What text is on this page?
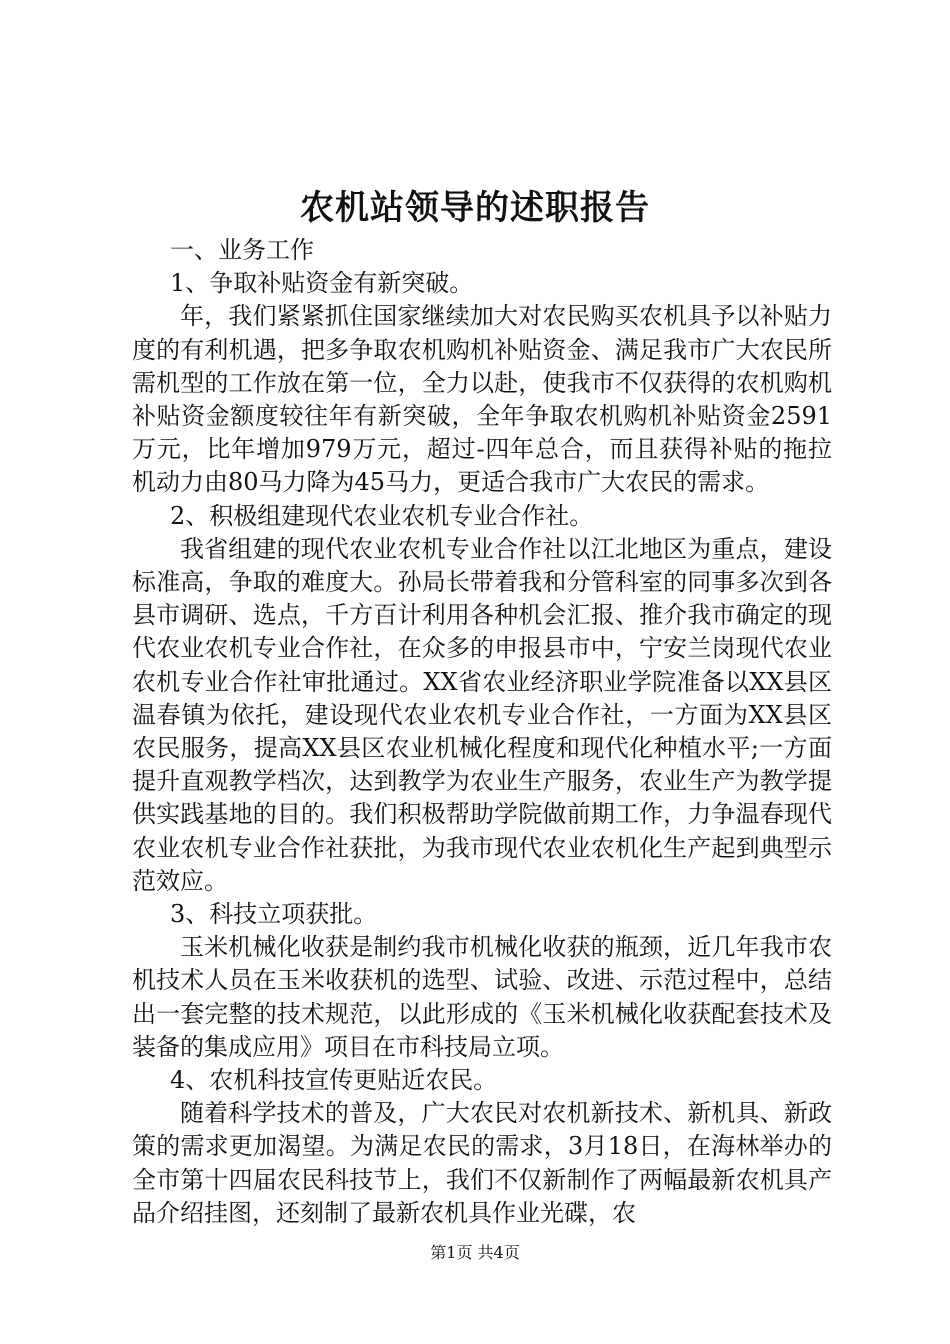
农机站领导的述职报告

一、业务工作

1、争取补贴资金有新突破。

年，我们紧紧抓住国家继续加大对农民购买农机具予以补贴力度的有利机遇，把多争取农机购机补贴资金、满足我市广大农民所需机型的工作放在第一位，全力以赴，使我市不仅获得的农机购机补贴资金额度较往年有新突破，全年争取农机购机补贴资金2591万元，比年增加979万元，超过-四年总合，而且获得补贴的拖拉机动力由80马力降为45马力，更适合我市广大农民的需求。

2、积极组建现代农业农机专业合作社。

我省组建的现代农业农机专业合作社以江北地区为重点，建设标准高，争取的难度大。孙局长带着我和分管科室的同事多次到各县市调研、选点，千方百计利用各种机会汇报、推介我市确定的现代农业农机专业合作社，在众多的申报县市中，宁安兰岗现代农业农机专业合作社审批通过。XX省农业经济职业学院准备以XX县区温春镇为依托，建设现代农业农机专业合作社，一方面为XX县区农民服务，提高XX县区农业机械化程度和现代化种植水平;一方面提升直观教学档次，达到教学为农业生产服务，农业生产为教学提供实践基地的目的。我们积极帮助学院做前期工作，力争温春现代农业农机专业合作社获批，为我市现代农业农机化生产起到典型示范效应。

3、科技立项获批。

玉米机械化收获是制约我市机械化收获的瓶颈，近几年我市农机技术人员在玉米收获机的选型、试验、改进、示范过程中，总结出一套完整的技术规范，以此形成的《玉米机械化收获配套技术及装备的集成应用》项目在市科技局立项。

4、农机科技宣传更贴近农民。

随着科学技术的普及，广大农民对农机新技术、新机具、新政策的需求更加渴望。为满足农民的需求，3月18日，在海林举办的全市第十四届农民科技节上，我们不仅新制作了两幅最新农机具产品介绍挂图，还刻制了最新农机具作业光碟，农

第1页 共4页
